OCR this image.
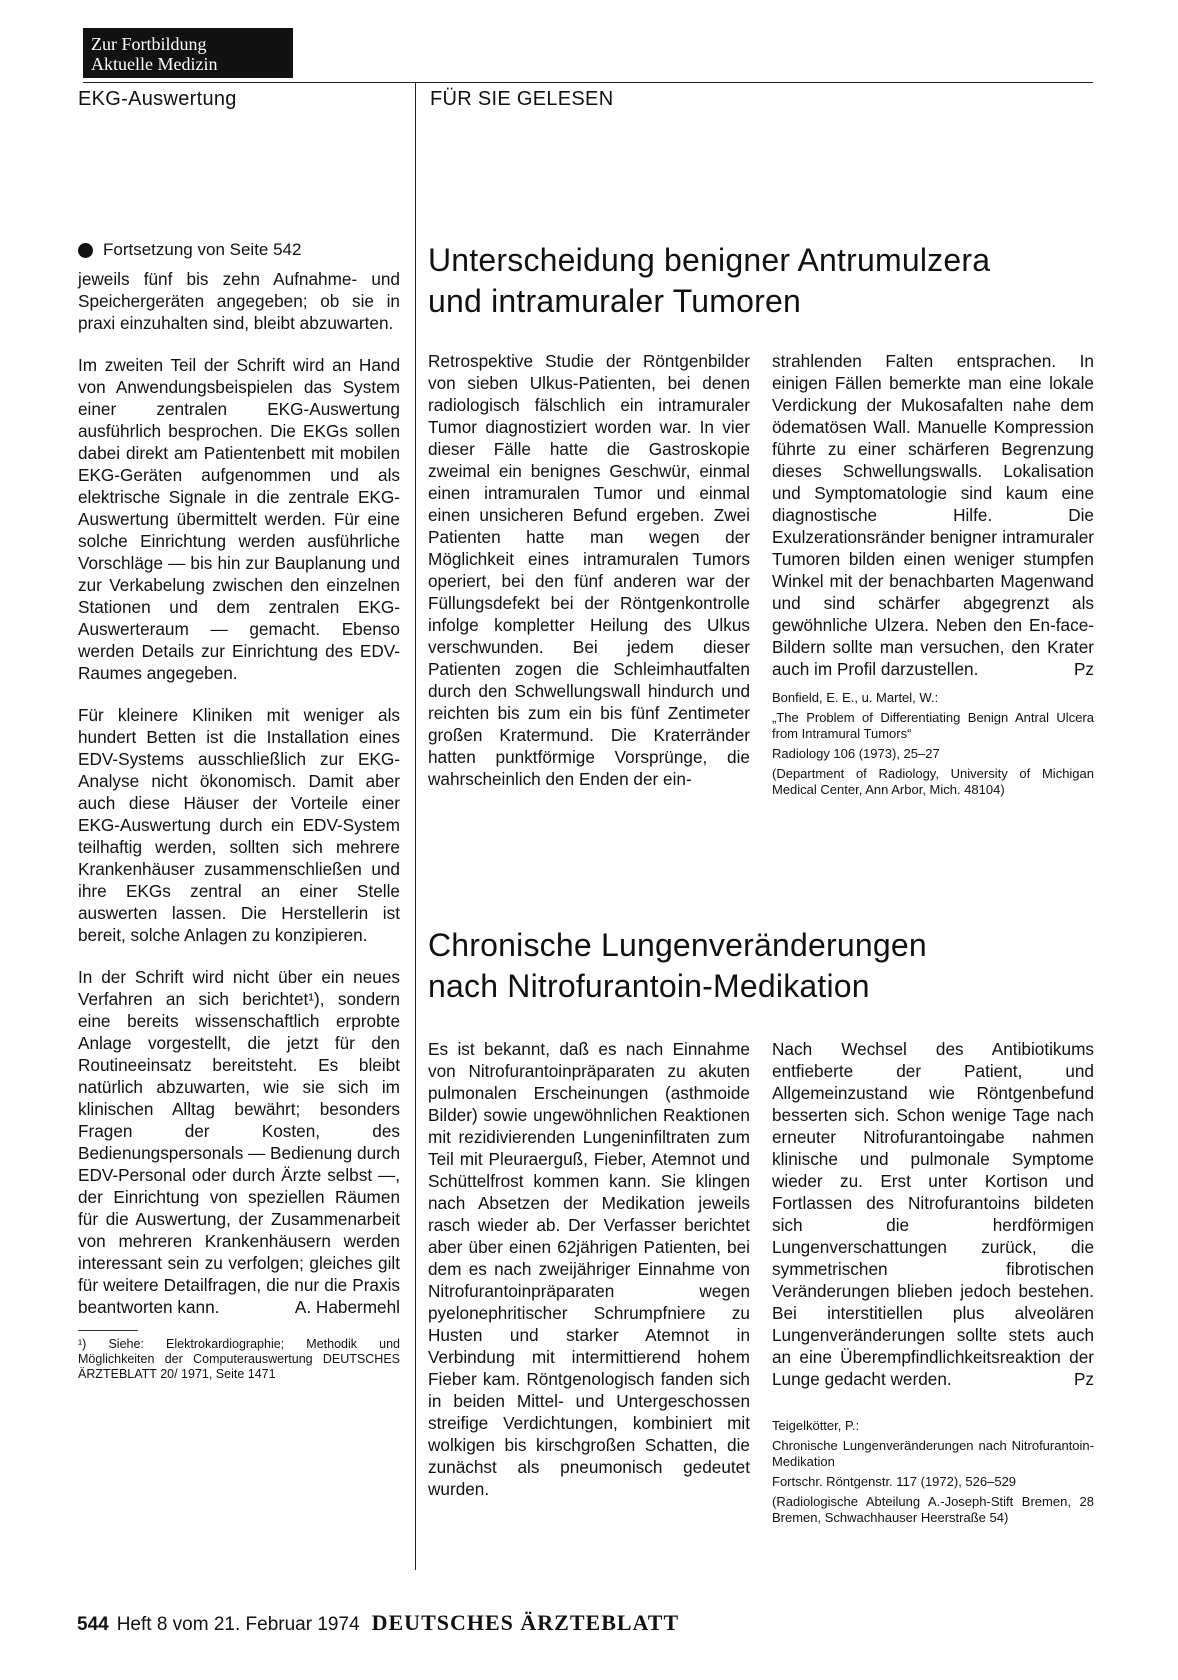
Zur Fortbildung
Aktuelle Medizin
EKG-Auswertung	FÜR SIE GELESEN
Fortsetzung von Seite 542

jeweils fünf bis zehn Aufnahme- und Speichergeräten angegeben; ob sie in praxi einzuhalten sind, bleibt abzuwarten.

Im zweiten Teil der Schrift wird an Hand von Anwendungsbeispielen das System einer zentralen EKG-Auswertung ausführlich besprochen. Die EKGs sollen dabei direkt am Patientenbett mit mobilen EKG-Geräten aufgenommen und als elektrische Signale in die zentrale EKG-Auswertung übermittelt werden. Für eine solche Einrichtung werden ausführliche Vorschläge — bis hin zur Bauplanung und zur Verkabelung zwischen den einzelnen Stationen und dem zentralen EKG-Auswerteraum — gemacht. Ebenso werden Details zur Einrichtung des EDV-Raumes angegeben.

Für kleinere Kliniken mit weniger als hundert Betten ist die Installation eines EDV-Systems ausschließlich zur EKG-Analyse nicht ökonomisch. Damit aber auch diese Häuser der Vorteile einer EKG-Auswertung durch ein EDV-System teilhaftig werden, sollten sich mehrere Krankenhäuser zusammenschließen und ihre EKGs zentral an einer Stelle auswerten lassen. Die Herstellerin ist bereit, solche Anlagen zu konzipieren.

In der Schrift wird nicht über ein neues Verfahren an sich berichtet¹), sondern eine bereits wissenschaftlich erprobte Anlage vorgestellt, die jetzt für den Routineeinsatz bereitsteht. Es bleibt natürlich abzuwarten, wie sie sich im klinischen Alltag bewährt; besonders Fragen der Kosten, des Bedienungspersonals — Bedienung durch EDV-Personal oder durch Ärzte selbst —, der Einrichtung von speziellen Räumen für die Auswertung, der Zusammenarbeit von mehreren Krankenhäusern werden interessant sein zu verfolgen; gleiches gilt für weitere Detailfragen, die nur die Praxis beantworten kann.	A. Habermehl

¹) Siehe: Elektrokardiographie; Methodik und Möglichkeiten der Computerauswertung DEUTSCHES ÄRZTEBLATT 20/ 1971, Seite 1471
Unterscheidung benigner Antrumulzera
und intramuraler Tumoren

Retrospektive Studie der Röntgenbilder von sieben Ulkus-Patienten, bei denen radiologisch fälschlich ein intramuraler Tumor diagnostiziert worden war. In vier dieser Fälle hatte die Gastroskopie zweimal ein benignes Geschwür, einmal einen intramuralen Tumor und einmal einen unsicheren Befund ergeben. Zwei Patienten hatte man wegen der Möglichkeit eines intramuralen Tumors operiert, bei den fünf anderen war der Füllungsdefekt bei der Röntgenkontrolle infolge kompletter Heilung des Ulkus verschwunden. Bei jedem dieser Patienten zogen die Schleimhautfalten durch den Schwellungswall hindurch und reichten bis zum ein bis fünf Zentimeter großen Kratermund. Die Kraterränder hatten punktförmige Vorsprünge, die wahrscheinlich den Enden der ein-

strahlenden Falten entsprachen. In einigen Fällen bemerkte man eine lokale Verdickung der Mukosafalten nahe dem ödematösen Wall. Manuelle Kompression führte zu einer schärferen Begrenzung dieses Schwellungswalls. Lokalisation und Symptomatologie sind kaum eine diagnostische Hilfe. Die Exulzerationsränder benigner intramuraler Tumoren bilden einen weniger stumpfen Winkel mit der benachbarten Magenwand und sind schärfer abgegrenzt als gewöhnliche Ulzera. Neben den En-face-Bildern sollte man versuchen, den Krater auch im Profil darzustellen.	Pz

Bonfield, E. E., u. Martel, W.:

„The Problem of Differentiating Benign Antral Ulcera from Intramural Tumors“

Radiology 106 (1973), 25–27

(Department of Radiology, University of Michigan Medical Center, Ann Arbor, Mich. 48104)

Chronische Lungenveränderungen
nach Nitrofurantoin-Medikation

Es ist bekannt, daß es nach Einnahme von Nitrofurantoinpräparaten zu akuten pulmonalen Erscheinungen (asthmoide Bilder) sowie ungewöhnlichen Reaktionen mit rezidivierenden Lungeninfiltraten zum Teil mit Pleuraerguß, Fieber, Atemnot und Schüttelfrost kommen kann. Sie klingen nach Absetzen der Medikation jeweils rasch wieder ab. Der Verfasser berichtet aber über einen 62jährigen Patienten, bei dem es nach zweijähriger Einnahme von Nitrofurantoinpräparaten wegen pyelonephritischer Schrumpfniere zu Husten und starker Atemnot in Verbindung mit intermittierend hohem Fieber kam. Röntgenologisch fanden sich in beiden Mittel- und Untergeschossen streifige Verdichtungen, kombiniert mit wolkigen bis kirschgroßen Schatten, die zunächst als pneumonisch gedeutet wurden.

Nach Wechsel des Antibiotikums entfieberte der Patient, und Allgemeinzustand wie Röntgenbefund besserten sich. Schon wenige Tage nach erneuter Nitrofurantoingabe nahmen klinische und pulmonale Symptome wieder zu. Erst unter Kortison und Fortlassen des Nitrofurantoins bildeten sich die herdförmigen Lungenverschattungen zurück, die symmetrischen fibrotischen Veränderungen blieben jedoch bestehen. Bei interstitiellen plus alveolären Lungenveränderungen sollte stets auch an eine Überempfindlichkeitsreaktion der Lunge gedacht werden.	Pz

Teigelkötter, P.:

Chronische Lungenveränderungen nach Nitrofurantoin-Medikation

Fortschr. Röntgenstr. 117 (1972), 526–529

(Radiologische Abteilung A.-Joseph-Stift Bremen, 28 Bremen, Schwachhauser Heerstraße 54)

544 Heft 8 vom 21. Februar 1974 DEUTSCHES ÄRZTEBLATT
